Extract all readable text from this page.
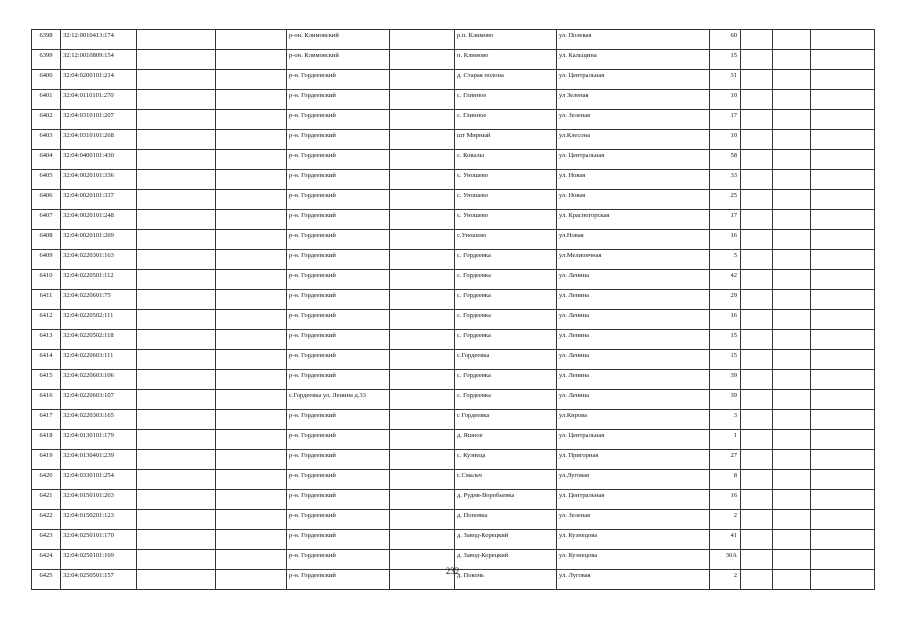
6398	32:12:0010413:174			р-он. Климовский		р.п. Климово	ул. Полевая	60			
6399	32:12:0010809:154			р-он. Климовский		п. Климово	ул. Кальщина	15			
6400	32:04:0200101:214			р-н. Гордеевский		д. Старая полона	ул. Центральная	31			
6401	32:04:0110101:270			р-н. Гордеевский		с. Глинное	ул Зеленая	10			
6402	32:04:0310101:207			р-н. Гордеевский		с. Глинное	ул. Зеленая	17			
6403	32:04:0310101:268			р-н. Гордеевский		шт Мирный	ул.Клесона	10			
6404	32:04:0400101:430			р-н. Гордеевский		с. Ковалы	ул. Центральная	58			
6405	32:04:0020101:336			р-н. Гордеевский		с. Уношево	ул. Новая	33			
6406	32:04:0020101:337			р-н. Гордеевский		с. Уношево	ул. Новая	25			
6407	32:04:0020101:248			р-н. Гордеевский		с. Уношево	ул. Красногорская	17			
6408	32:04:0020101:269			р-н. Гордеевский		с.Уношево	ул.Новая	16			
6409	32:04:0220301:163			р-н. Гордеевский		с. Гордеевка	ул.Мелиоичная	5			
6410	32:04:0220501:112			р-н. Гордеевский		с. Гордеевка	ул. Ленина	42			
6411	32:04:0220601:75			р-н. Гордеевский		с. Гордеевка	ул. Ленина	29			
6412	32:04:0220502:111			р-н. Гордеевский		с. Гордеевка	ул. Ленина	16			
6413	32:04:0220502:118			р-н. Гордеевский		с. Гордеевка	ул. Ленина	15			
6414	32:04:0220603:111			р-н. Гордеевский		с.Гордеевка	ул. Ленина	15			
6415	32:04:0220603:106			р-н. Гордеевский		с. Гордеевка	ул. Ленина	39			
6416	32:04:0220603:107			с.Гордеевка ул. Ленина д.33		с. Гордеевка	ул. Ленина	39			
6417	32:04:0220303:165			р-н. Гордеевский		с Гордеевка	ул.Кирова	3			
6418	32:04:0130101:179			р-н. Гордеевский		д. Яшное	ул. Центральная	1			
6419	32:04:0130401:239			р-н. Гордеевский		с. Кузнеца	ул. Пригорная	27			
6420	32:04:0330101:254			р-н. Гордеевский		с.Смальч	ул.Луговая	8			
6421	32:04:0150101:263			р-н. Гордеевский		д. Рудня-Воробьевка	ул. Центральная	16			
6422	32:04:0150201:123			р-н. Гордеевский		д. Поповка	ул. Зеленая	2			
6423	32:04:0250101:170			р-н. Гордеевский		д. Завод-Корецкий	ул. Кузнецова	41			
6424	32:04:0250101:169			р-н. Гордеевский		д. Завод-Корецкий	ул. Кузнецова	30А			
6425	32:04:0250501:157			р-н. Гордеевский		д. Поконь	ул. Луговая	2			
232
